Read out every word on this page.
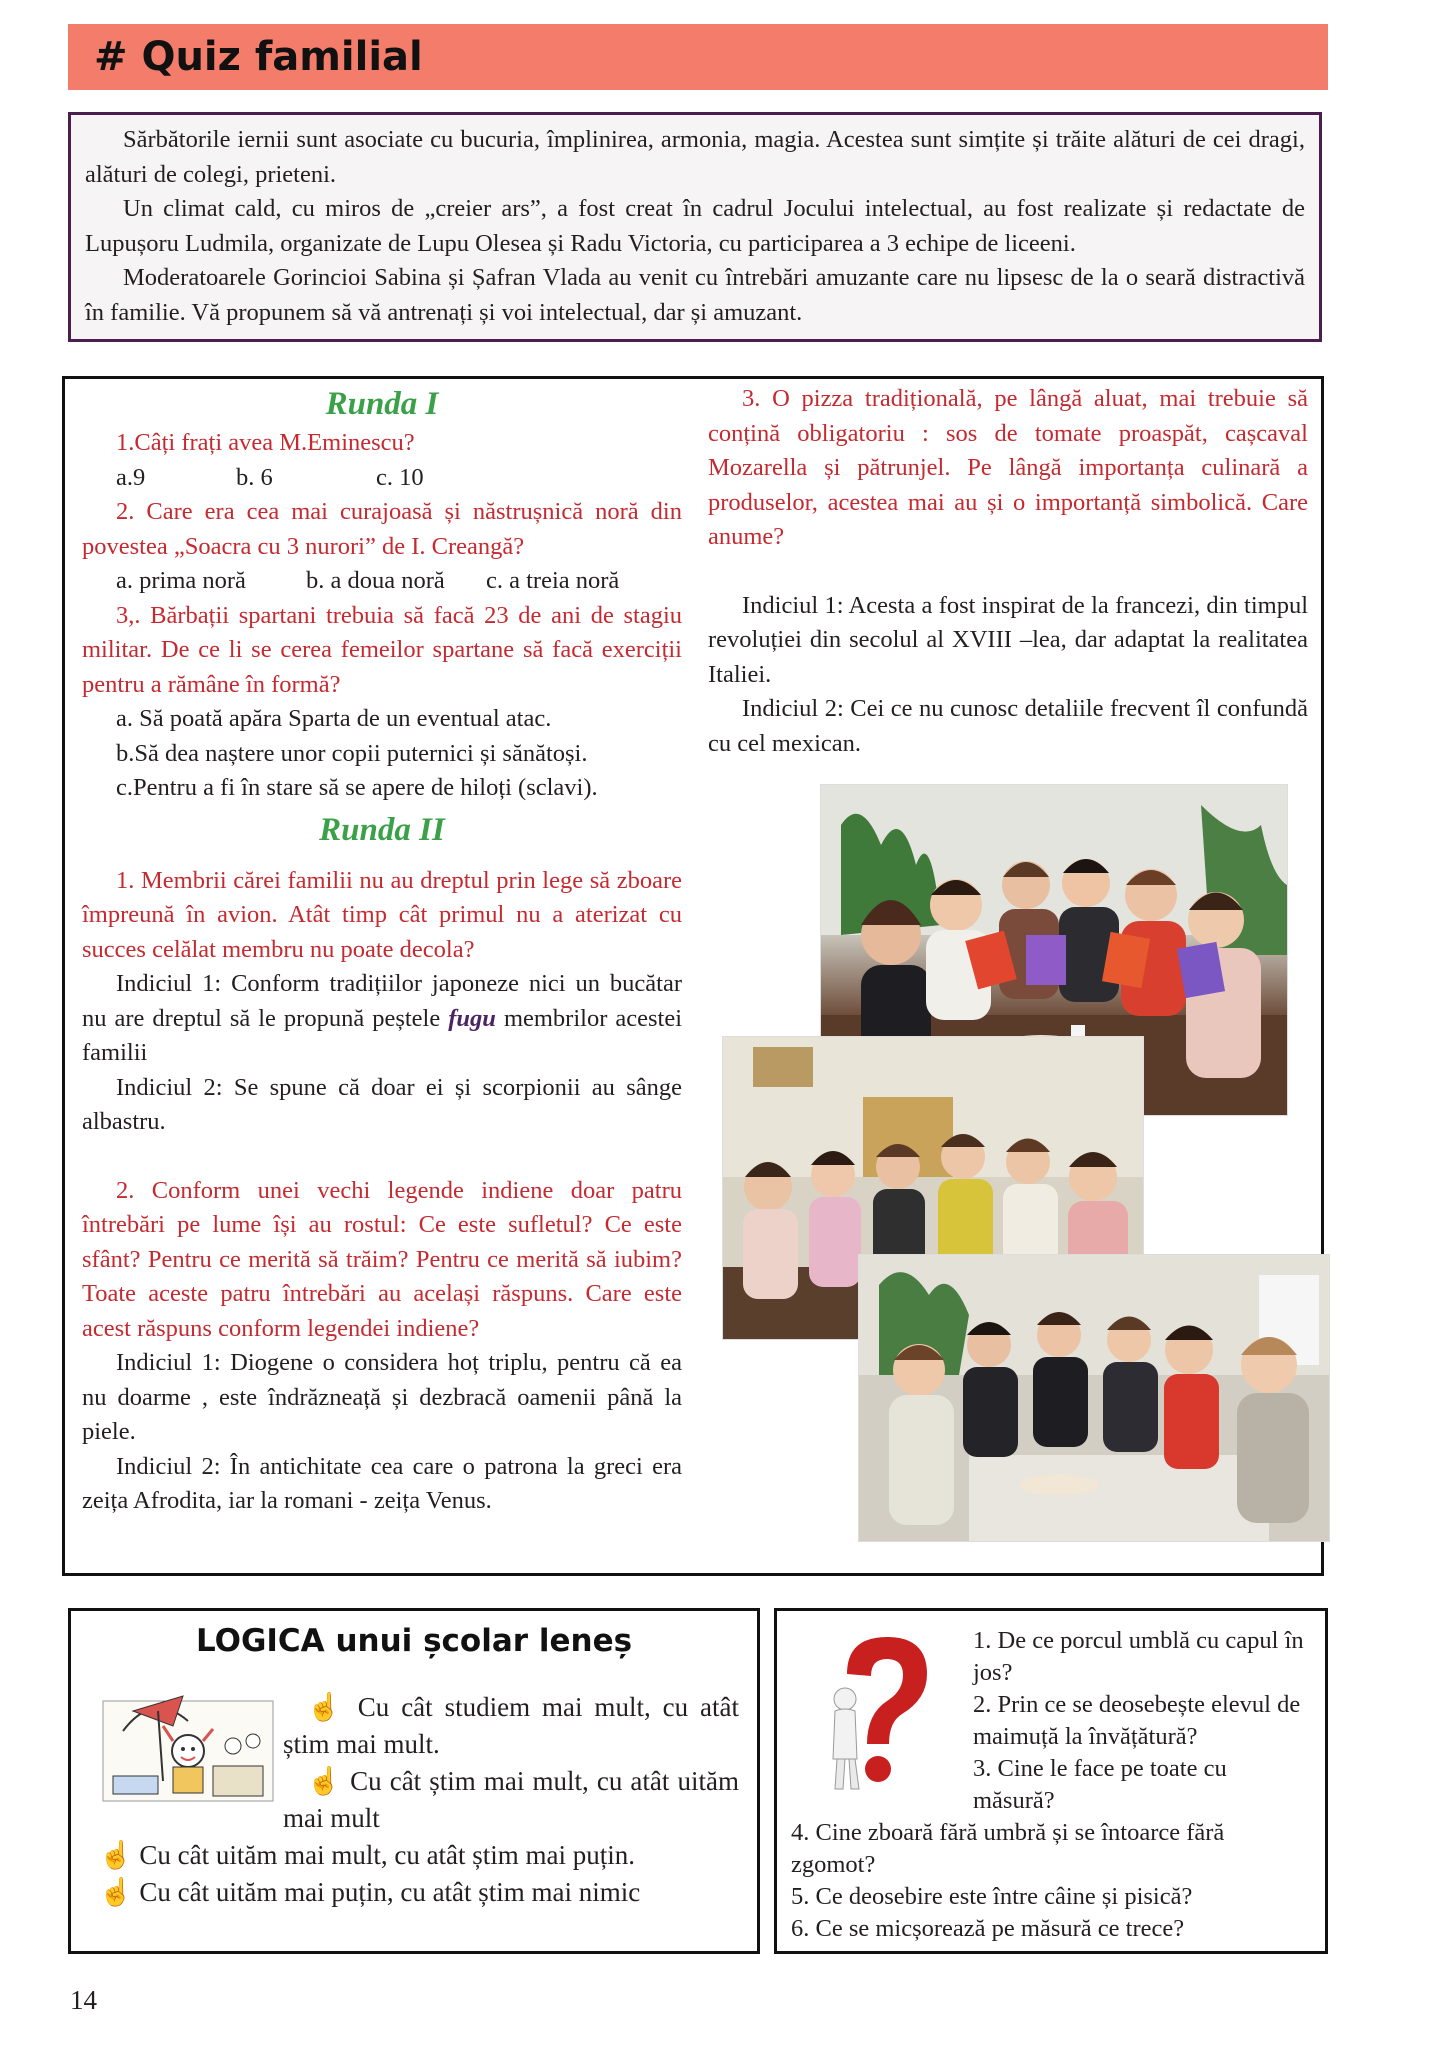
# Quiz familial

Sărbătorile iernii sunt asociate cu bucuria, împlinirea, armonia, magia. Acestea sunt simțite și trăite alături de cei dragi, alături de colegi, prieteni.

Un climat cald, cu miros de „creier ars”, a fost creat în cadrul Jocului intelectual, au fost realizate și redactate de Lupușoru Ludmila, organizate de Lupu Olesea și Radu Victoria, cu participarea a 3 echipe de liceeni.

Moderatoarele Gorincioi Sabina și Șafran Vlada au venit cu întrebări amuzante care nu lipsesc de la o seară distractivă în familie. Vă propunem să vă antrenați și voi intelectual, dar și amuzant.

Runda I

1.Câți frați avea M.Eminescu?

a.9	b. 6	c. 10

2. Care era cea mai curajoasă și năstrușnică noră din povestea „Soacra cu 3 nurori” de I. Creangă?

a. prima noră b. a doua noră c. a treia noră

3,. Bărbații spartani trebuia să facă 23 de ani de stagiu militar. De ce li se cerea femeilor spartane să facă exerciții pentru a rămâne în formă?

a. Să poată apăra Sparta de un eventual atac.

b.Să dea naștere unor copii puternici și sănătoși.

c.Pentru a fi în stare să se apere de hiloți (sclavi).

Runda II

1. Membrii cărei familii nu au dreptul prin lege să zboare împreună în avion. Atât timp cât primul nu a aterizat cu succes celălat membru nu poate decola?

Indiciul 1: Conform tradițiilor japoneze nici un bucătar nu are dreptul să le propună peștele fugu membrilor acestei familii

Indiciul 2: Se spune că doar ei și scorpionii au sânge albastru.

2. Conform unei vechi legende indiene doar patru întrebări pe lume își au rostul: Ce este sufletul? Ce este sfânt? Pentru ce merită să trăim? Pentru ce merită să iubim? Toate aceste patru întrebări au același răspuns. Care este acest răspuns conform legendei indiene?

Indiciul 1: Diogene o considera hoț triplu, pentru că ea nu doarme , este îndrăzneață și dezbracă oamenii până la piele.

Indiciul 2: În antichitate cea care o patrona la greci era zeița Afrodita, iar la romani - zeița Venus.

3. O pizza tradițională, pe lângă aluat, mai trebuie să conțină obligatoriu : sos de tomate proaspăt, cașcaval Mozarella și pătrunjel. Pe lângă importanța culinară a produselor, acestea mai au și o importanță simbolică. Care anume?

Indiciul 1: Acesta a fost inspirat de la francezi, din timpul revoluției din secolul al XVIII –lea, dar adaptat la realitatea Italiei.

Indiciul 2: Cei ce nu cunosc detaliile frecvent îl confundă cu cel mexican.

LOGICA unui școlar leneș
☝ Cu cât studiem mai mult, cu atât știm mai mult.
☝ Cu cât știm mai mult, cu atât uităm mai mult
☝ Cu cât uităm mai mult, cu atât știm mai puțin.
☝ Cu cât uităm mai puțin, cu atât știm mai nimic
1. De ce porcul umblă cu capul în jos?
2. Prin ce se deosebește elevul de maimuță la învățătură?
3. Cine le face pe toate cu măsură?
4. Cine zboară fără umbră și se întoarce fără zgomot?
5. Ce deosebire este între câine și pisică?
6. Ce se micșorează pe măsură ce trece?
14
